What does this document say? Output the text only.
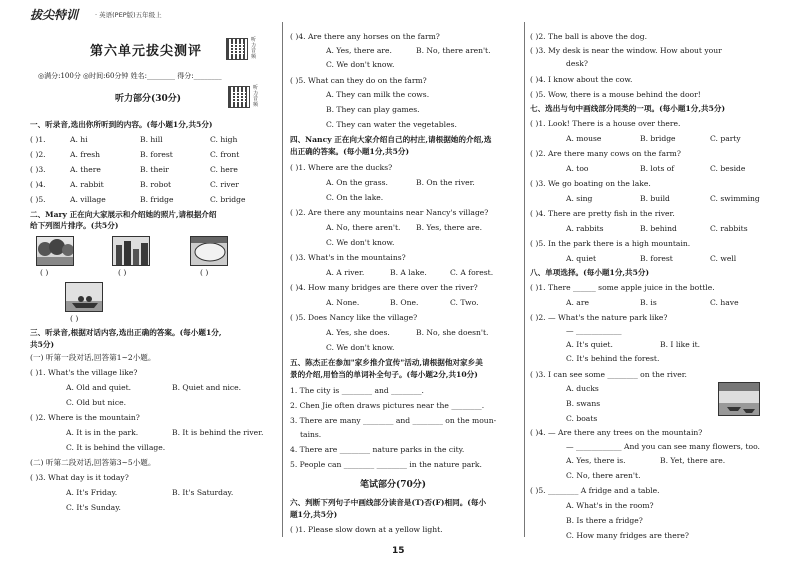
拔尖特训	· 英语(PEP版)五年级上
第六单元拔尖测评
听力音频
◎满分:100分 ◎时间:60分钟 姓名:________ 得分:________
听力音频
听力部分(30分)
一、听录音,选出你所听到的内容。(每小题1分,共5分)
( )1.	A. hi	B. hill	C. high
( )2.	A. fresh	B. forest	C. front
( )3.	A. there	B. their	C. here
( )4.	A. rabbit	B. robot	C. river
( )5.	A. village	B. fridge	C. bridge
二、Mary 正在向大家展示和介绍她的照片,请根据介绍
给下列图片排序。(共5分)
( )	( )	( )
( )
三、听录音,根据对话内容,选出正确的答案。(每小题1分,
共5分)
(一) 听第一段对话,回答第1~2小题。
( )1. What's the village like?
A. Old and quiet.	B. Quiet and nice.
C. Old but nice.
( )2. Where is the mountain?
A. It is in the park.	B. It is behind the river.
C. It is behind the village.
(二) 听第二段对话,回答第3~5小题。
( )3. What day is it today?
A. It's Friday.	B. It's Saturday.
C. It's Sunday.
( )4. Are there any horses on the farm?
A. Yes, there are.	B. No, there aren't.
C. We don't know.
( )5. What can they do on the farm?
A. They can milk the cows.
B. They can play games.
C. They can water the vegetables.
四、Nancy 正在向大家介绍自己的村庄,请根据她的介绍,选
出正确的答案。(每小题1分,共5分)
( )1. Where are the ducks?
A. On the grass.	B. On the river.
C. On the lake.
( )2. Are there any mountains near Nancy's village?
A. No, there aren't. B. Yes, there are.
C. We don't know.
( )3. What's in the mountains?
A. A river.	B. A lake.	C. A forest.
( )4. How many bridges are there over the river?
A. None.	B. One.	C. Two.
( )5. Does Nancy like the village?
A. Yes, she does.	B. No, she doesn't.
C. We don't know.
五、陈杰正在参加"家乡推介宣传"活动,请根据他对家乡美
景的介绍,用恰当的单词补全句子。(每小题2分,共10分)
1. The city is ________ and ________.
2. Chen Jie often draws pictures near the ________.
3. There are many ________ and ________ on the moun-
tains.
4. There are ________ nature parks in the city.
5. People can ________ ________ in the nature park.
笔试部分(70分)
六、判断下列句子中画线部分读音是(T)否(F)相同。(每小
题1分,共5分)
( )1. Please slow down at a yellow light.
( )2. The ball is above the dog.
( )3. My desk is near the window. How about your
desk?
( )4. I know about the cow.
( )5. Wow, there is a mouse behind the door!
七、选出与句中画线部分同类的一项。(每小题1分,共5分)
( )1. Look! There is a house over there.
A. mouse	B. bridge	C. party
( )2. Are there many cows on the farm?
A. too	B. lots of	C. beside
( )3. We go boating on the lake.
A. sing	B. build	C. swimming
( )4. There are pretty fish in the river.
A. rabbits	B. behind	C. rabbits
( )5. In the park there is a high mountain.
A. quiet	B. forest	C. well
八、单项选择。(每小题1分,共5分)
( )1. There ______ some apple juice in the bottle.
A. are	B. is	C. have
( )2. — What's the nature park like?
— ____________
A. It's quiet.	B. I like it.
C. It's behind the forest.
( )3. I can see some ________ on the river.
A. ducks
B. swans
C. boats
( )4. — Are there any trees on the mountain?
— ____________ And you can see many flowers, too.
A. Yes, there is.	B. Yet, there are.
C. No, there aren't.
( )5. ________ A fridge and a table.
A. What's in the room?
B. Is there a fridge?
C. How many fridges are there?
15
